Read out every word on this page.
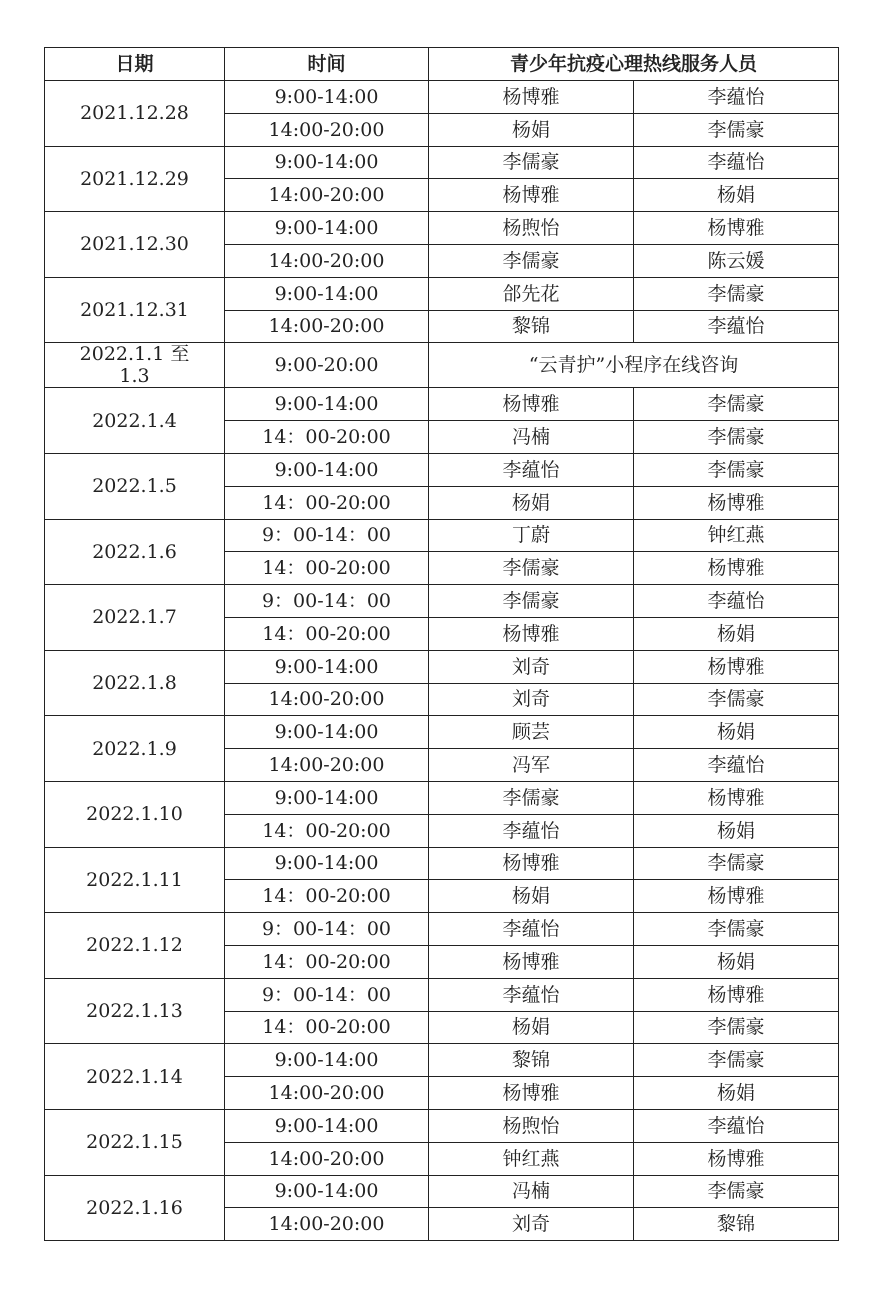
日期	时间	青少年抗疫心理热线服务人员	
2021.12.28	9:00-14:00	杨博雅	李蕴怡
	14:00-20:00	杨娟	李儒豪
2021.12.29	9:00-14:00	李儒豪	李蕴怡
	14:00-20:00	杨博雅	杨娟
2021.12.30	9:00-14:00	杨煦怡	杨博雅
	14:00-20:00	李儒豪	陈云媛
2021.12.31	9:00-14:00	郃先花	李儒豪
	14:00-20:00	黎锦	李蕴怡
2022.1.1 至
1.3	9:00-20:00	“云青护”小程序在线咨询	
2022.1.4	9:00-14:00	杨博雅	李儒豪
	14：00-20:00	冯楠	李儒豪
2022.1.5	9:00-14:00	李蕴怡	李儒豪
	14：00-20:00	杨娟	杨博雅
2022.1.6	9：00-14：00	丁蔚	钟红燕
	14：00-20:00	李儒豪	杨博雅
2022.1.7	9：00-14：00	李儒豪	李蕴怡
	14：00-20:00	杨博雅	杨娟
2022.1.8	9:00-14:00	刘奇	杨博雅
	14:00-20:00	刘奇	李儒豪
2022.1.9	9:00-14:00	顾芸	杨娟
	14:00-20:00	冯军	李蕴怡
2022.1.10	9:00-14:00	李儒豪	杨博雅
	14：00-20:00	李蕴怡	杨娟
2022.1.11	9:00-14:00	杨博雅	李儒豪
	14：00-20:00	杨娟	杨博雅
2022.1.12	9：00-14：00	李蕴怡	李儒豪
	14：00-20:00	杨博雅	杨娟
2022.1.13	9：00-14：00	李蕴怡	杨博雅
	14：00-20:00	杨娟	李儒豪
2022.1.14	9:00-14:00	黎锦	李儒豪
	14:00-20:00	杨博雅	杨娟
2022.1.15	9:00-14:00	杨煦怡	李蕴怡
	14:00-20:00	钟红燕	杨博雅
2022.1.16	9:00-14:00	冯楠	李儒豪
	14:00-20:00	刘奇	黎锦
